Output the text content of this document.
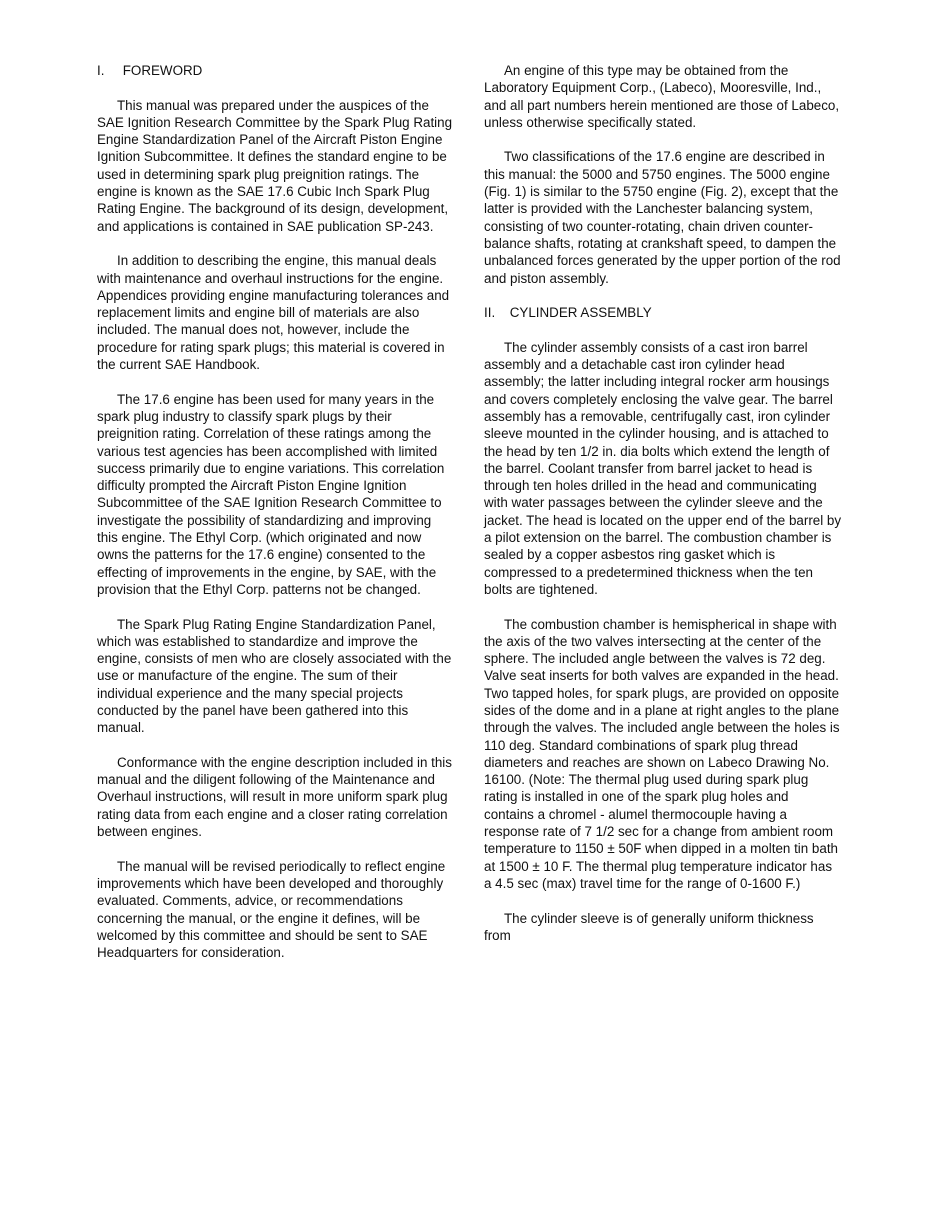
I. FOREWORD

This manual was prepared under the auspices of the SAE Ignition Research Committee by the Spark Plug Rating Engine Standardization Panel of the Aircraft Piston Engine Ignition Subcommittee. It defines the standard engine to be used in determining spark plug preignition ratings. The engine is known as the SAE 17.6 Cubic Inch Spark Plug Rating Engine. The background of its design, development, and applications is contained in SAE publication SP-243.

In addition to describing the engine, this manual deals with maintenance and overhaul instructions for the engine. Appendices providing engine manufacturing tolerances and replacement limits and engine bill of materials are also included. The manual does not, however, include the procedure for rating spark plugs; this material is covered in the current SAE Handbook.

The 17.6 engine has been used for many years in the spark plug industry to classify spark plugs by their preignition rating. Correlation of these ratings among the various test agencies has been accomplished with limited success primarily due to engine variations. This correlation difficulty prompted the Aircraft Piston Engine Ignition Subcommittee of the SAE Ignition Research Committee to investigate the possibility of standardizing and improving this engine. The Ethyl Corp. (which originated and now owns the patterns for the 17.6 engine) consented to the effecting of improvements in the engine, by SAE, with the provision that the Ethyl Corp. patterns not be changed.

The Spark Plug Rating Engine Standardization Panel, which was established to standardize and improve the engine, consists of men who are closely associated with the use or manufacture of the engine. The sum of their individual experience and the many special projects conducted by the panel have been gathered into this manual.

Conformance with the engine description included in this manual and the diligent following of the Maintenance and Overhaul instructions, will result in more uniform spark plug rating data from each engine and a closer rating correlation between engines.

The manual will be revised periodically to reflect engine improvements which have been developed and thoroughly evaluated. Comments, advice, or recommendations concerning the manual, or the engine it defines, will be welcomed by this committee and should be sent to SAE Headquarters for consideration.

An engine of this type may be obtained from the Laboratory Equipment Corp., (Labeco), Mooresville, Ind., and all part numbers herein mentioned are those of Labeco, unless otherwise specifically stated.

Two classifications of the 17.6 engine are described in this manual: the 5000 and 5750 engines. The 5000 engine (Fig. 1) is similar to the 5750 engine (Fig. 2), except that the latter is provided with the Lanchester balancing system, consisting of two counter-rotating, chain driven counter-balance shafts, rotating at crankshaft speed, to dampen the unbalanced forces generated by the upper portion of the rod and piston assembly.

II. CYLINDER ASSEMBLY

The cylinder assembly consists of a cast iron barrel assembly and a detachable cast iron cylinder head assembly; the latter including integral rocker arm housings and covers completely enclosing the valve gear. The barrel assembly has a removable, centrifugally cast, iron cylinder sleeve mounted in the cylinder housing, and is attached to the head by ten 1/2 in. dia bolts which extend the length of the barrel. Coolant transfer from barrel jacket to head is through ten holes drilled in the head and communicating with water passages between the cylinder sleeve and the jacket. The head is located on the upper end of the barrel by a pilot extension on the barrel. The combustion chamber is sealed by a copper asbestos ring gasket which is compressed to a predetermined thickness when the ten bolts are tightened.

The combustion chamber is hemispherical in shape with the axis of the two valves intersecting at the center of the sphere. The included angle between the valves is 72 deg. Valve seat inserts for both valves are expanded in the head. Two tapped holes, for spark plugs, are provided on opposite sides of the dome and in a plane at right angles to the plane through the valves. The included angle between the holes is 110 deg. Standard combinations of spark plug thread diameters and reaches are shown on Labeco Drawing No. 16100. (Note: The thermal plug used during spark plug rating is installed in one of the spark plug holes and contains a chromel - alumel thermocouple having a response rate of 7 1/2 sec for a change from ambient room temperature to 1150 ± 50F when dipped in a molten tin bath at 1500 ± 10 F. The thermal plug temperature indicator has a 4.5 sec (max) travel time for the range of 0-1600 F.)

The cylinder sleeve is of generally uniform thickness from
